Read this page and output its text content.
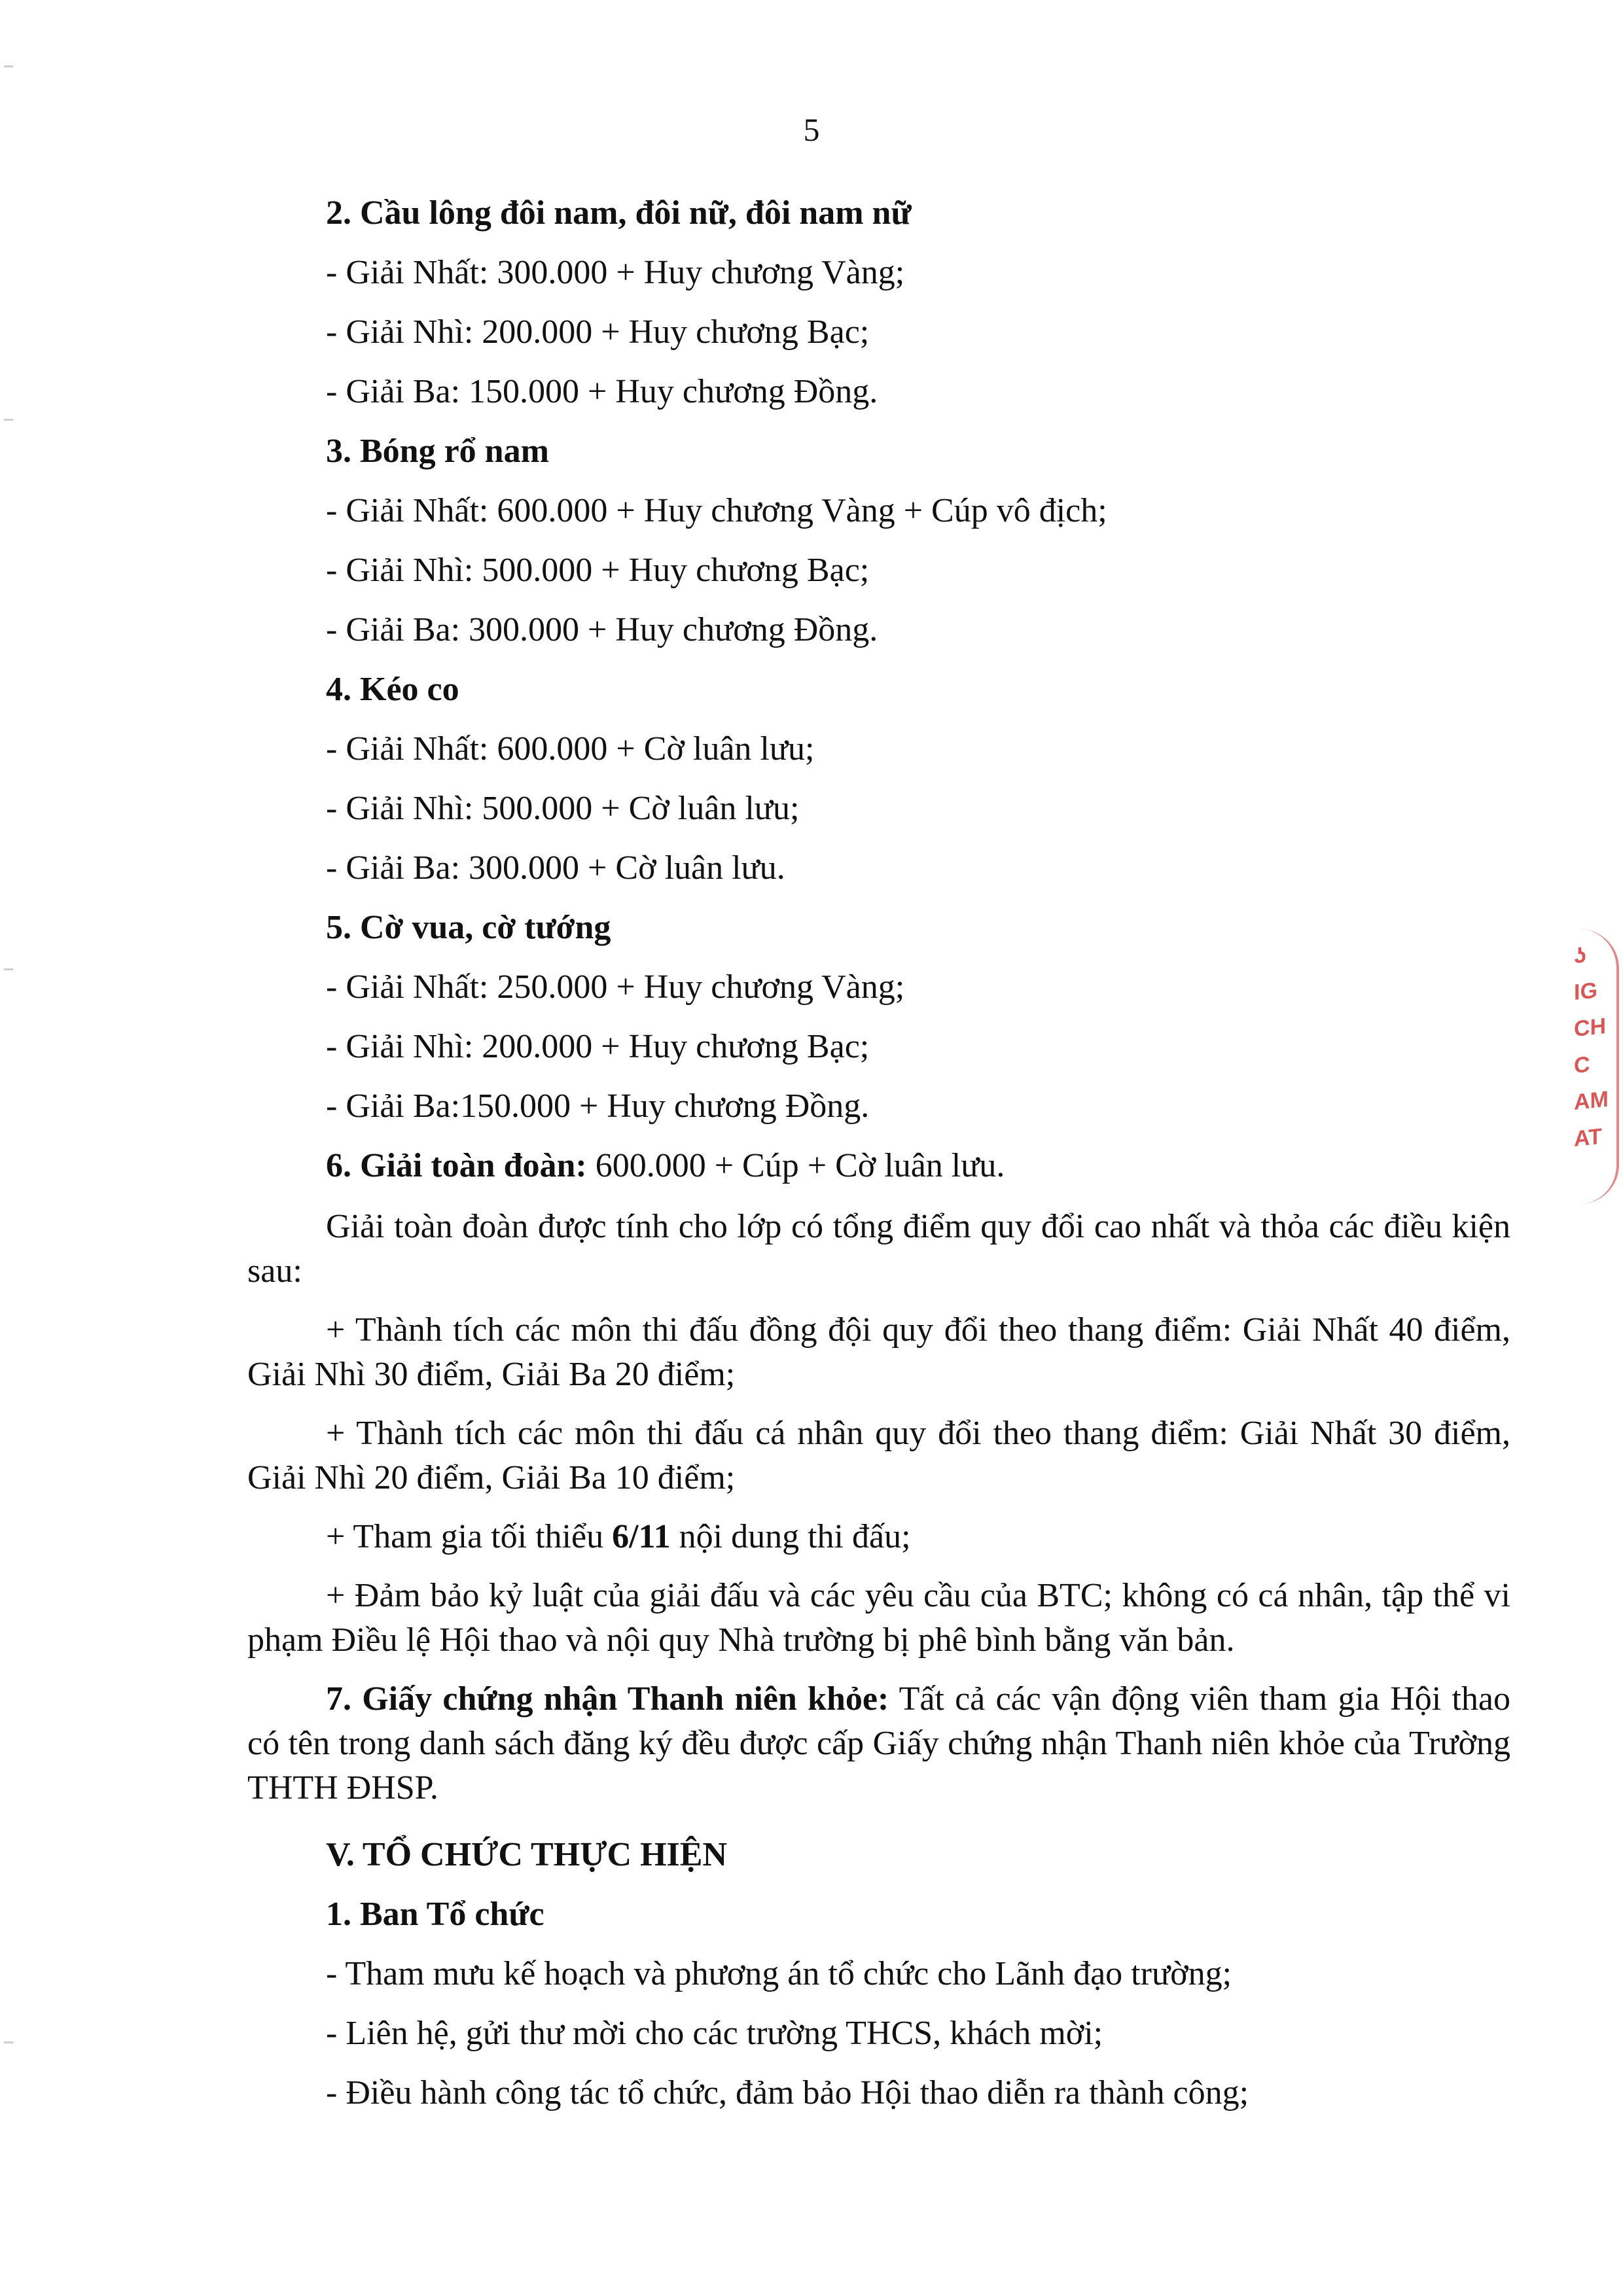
5
2. Cầu lông đôi nam, đôi nữ, đôi nam nữ
- Giải Nhất: 300.000 + Huy chương Vàng;
- Giải Nhì: 200.000 + Huy chương Bạc;
- Giải Ba: 150.000 + Huy chương Đồng.
3. Bóng rổ nam
- Giải Nhất: 600.000 + Huy chương Vàng + Cúp vô địch;
- Giải Nhì: 500.000 + Huy chương Bạc;
- Giải Ba: 300.000 + Huy chương Đồng.
4. Kéo co
- Giải Nhất: 600.000 + Cờ luân lưu;
- Giải Nhì: 500.000 + Cờ luân lưu;
- Giải Ba: 300.000 + Cờ luân lưu.
5. Cờ vua, cờ tướng
- Giải Nhất: 250.000 + Huy chương Vàng;
- Giải Nhì: 200.000 + Huy chương Bạc;
- Giải Ba:150.000 + Huy chương Đồng.
6. Giải toàn đoàn: 600.000 + Cúp + Cờ luân lưu.
Giải toàn đoàn được tính cho lớp có tổng điểm quy đổi cao nhất và thỏa các điều kiện sau:
+ Thành tích các môn thi đấu đồng đội quy đổi theo thang điểm: Giải Nhất 40 điểm, Giải Nhì 30 điểm, Giải Ba 20 điểm;
+ Thành tích các môn thi đấu cá nhân quy đổi theo thang điểm: Giải Nhất 30 điểm, Giải Nhì 20 điểm, Giải Ba 10 điểm;
+ Tham gia tối thiểu 6/11 nội dung thi đấu;
+ Đảm bảo kỷ luật của giải đấu và các yêu cầu của BTC; không có cá nhân, tập thể vi phạm Điều lệ Hội thao và nội quy Nhà trường bị phê bình bằng văn bản.
7. Giấy chứng nhận Thanh niên khỏe: Tất cả các vận động viên tham gia Hội thao có tên trong danh sách đăng ký đều được cấp Giấy chứng nhận Thanh niên khỏe của Trường THTH ĐHSP.
V. TỔ CHỨC THỰC HIỆN
1. Ban Tổ chức
- Tham mưu kế hoạch và phương án tổ chức cho Lãnh đạo trường;
- Liên hệ, gửi thư mời cho các trường THCS, khách mời;
- Điều hành công tác tổ chức, đảm bảo Hội thao diễn ra thành công;
ʖ
IG
CH
C
AM
AT
